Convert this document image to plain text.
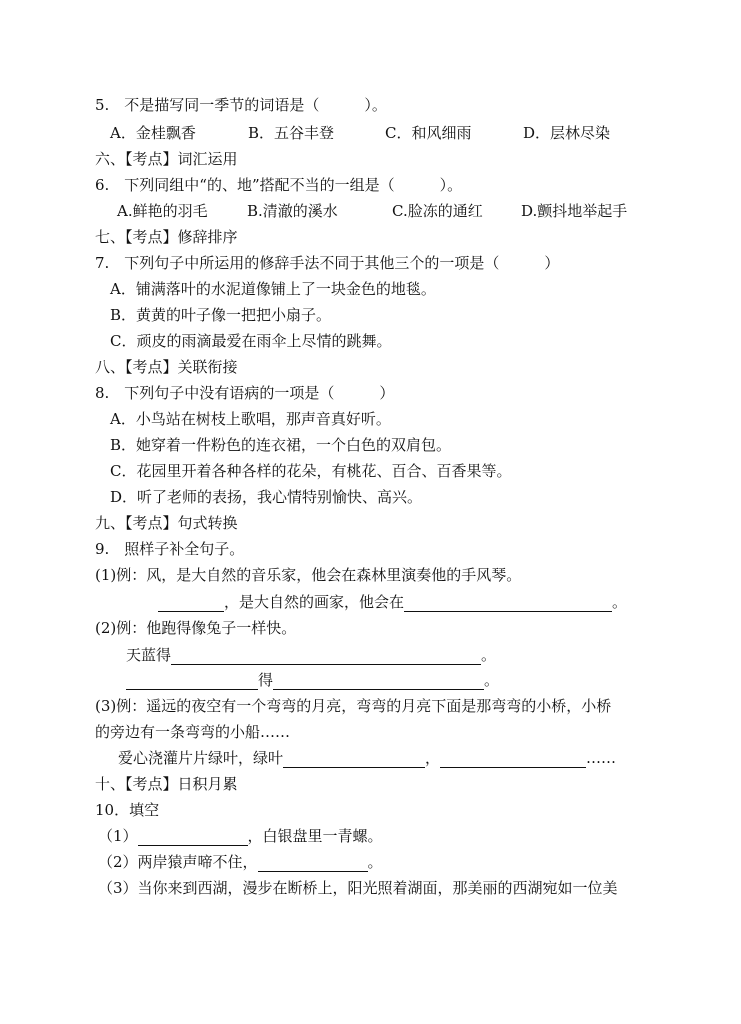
5.　不是描写同一季节的词语是（　　　）。
A．金桂飘香	B．五谷丰登	C．和风细雨	D．层林尽染
六、【考点】词汇运用
6.　下列同组中“的、地”搭配不当的一组是（　　　）。
A.鲜艳的羽毛	B.清澈的溪水	C.脸冻的通红	D.颤抖地举起手
七、【考点】修辞排序
7.　下列句子中所运用的修辞手法不同于其他三个的一项是（　　　）
A．铺满落叶的水泥道像铺上了一块金色的地毯。
B．黄黄的叶子像一把把小扇子。
C．顽皮的雨滴最爱在雨伞上尽情的跳舞。
八、【考点】关联衔接
8.　下列句子中没有语病的一项是（　　　）
A．小鸟站在树枝上歌唱，那声音真好听。
B．她穿着一件粉色的连衣裙，一个白色的双肩包。
C．花园里开着各种各样的花朵，有桃花、百合、百香果等。
D．听了老师的表扬，我心情特别愉快、高兴。
九、【考点】句式转换
9.　照样子补全句子。
(1)例：风，是大自然的音乐家，他会在森林里演奏他的手风琴。
，是大自然的画家，他会在	。
(2)例：他跑得像兔子一样快。
天蓝得	。
得	。
(3)例：遥远的夜空有一个弯弯的月亮，弯弯的月亮下面是那弯弯的小桥，小桥
的旁边有一条弯弯的小船……
爱心浇灌片片绿叶，绿叶	，	……
十、【考点】日积月累
10．填空
（1）	，白银盘里一青螺。
（2）两岸猿声啼不住，	。
（3）当你来到西湖，漫步在断桥上，阳光照着湖面，那美丽的西湖宛如一位美
